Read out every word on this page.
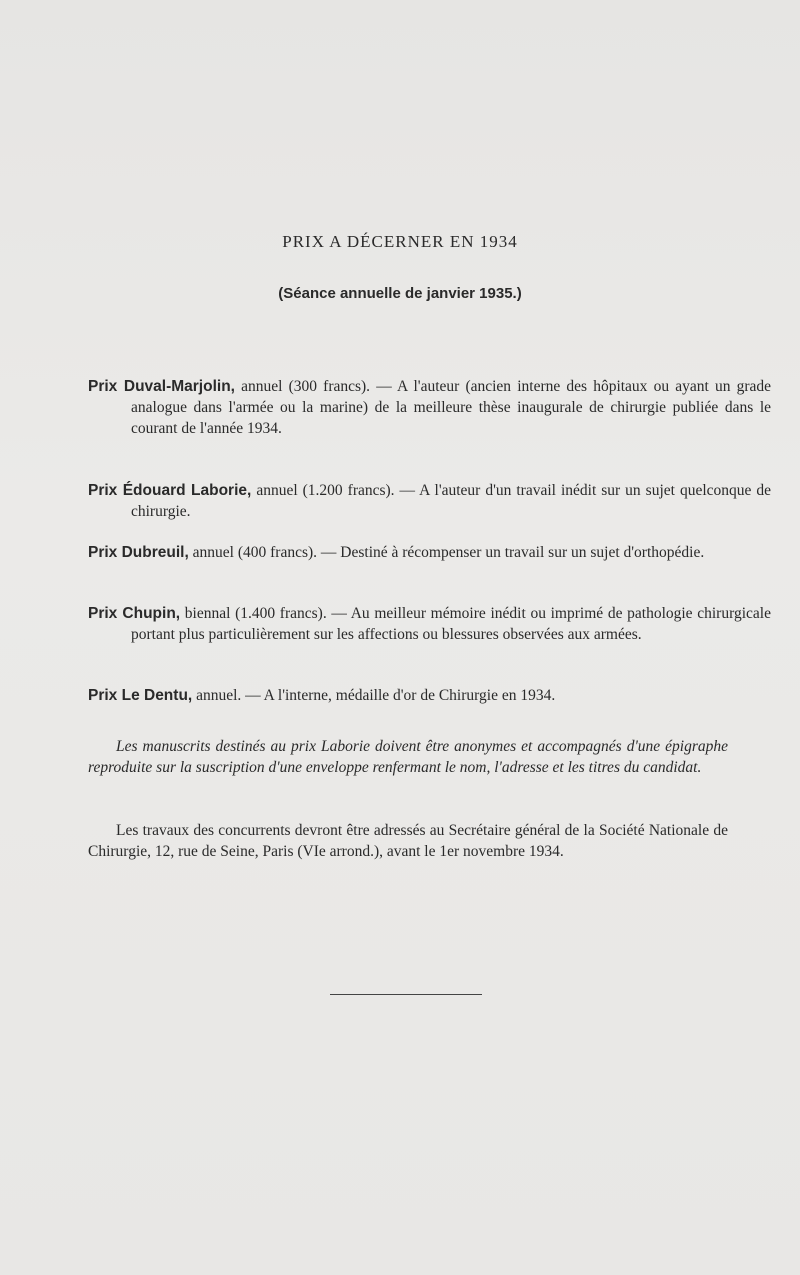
PRIX A DÉCERNER EN 1934
(Séance annuelle de janvier 1935.)
Prix Duval-Marjolin, annuel (300 francs). — A l'auteur (ancien interne des hôpitaux ou ayant un grade analogue dans l'armée ou la marine) de la meilleure thèse inaugurale de chirurgie publiée dans le courant de l'année 1934.
Prix Édouard Laborie, annuel (1.200 francs). — A l'auteur d'un travail inédit sur un sujet quelconque de chirurgie.
Prix Dubreuil, annuel (400 francs). — Destiné à récompenser un travail sur un sujet d'orthopédie.
Prix Chupin, biennal (1.400 francs). — Au meilleur mémoire inédit ou imprimé de pathologie chirurgicale portant plus particulièrement sur les affections ou blessures observées aux armées.
Prix Le Dentu, annuel. — A l'interne, médaille d'or de Chirurgie en 1934.
Les manuscrits destinés au prix Laborie doivent être anonymes et accompagnés d'une épigraphe reproduite sur la suscription d'une enveloppe renfermant le nom, l'adresse et les titres du candidat.
Les travaux des concurrents devront être adressés au Secrétaire général de la Société Nationale de Chirurgie, 12, rue de Seine, Paris (VIe arrond.), avant le 1er novembre 1934.
